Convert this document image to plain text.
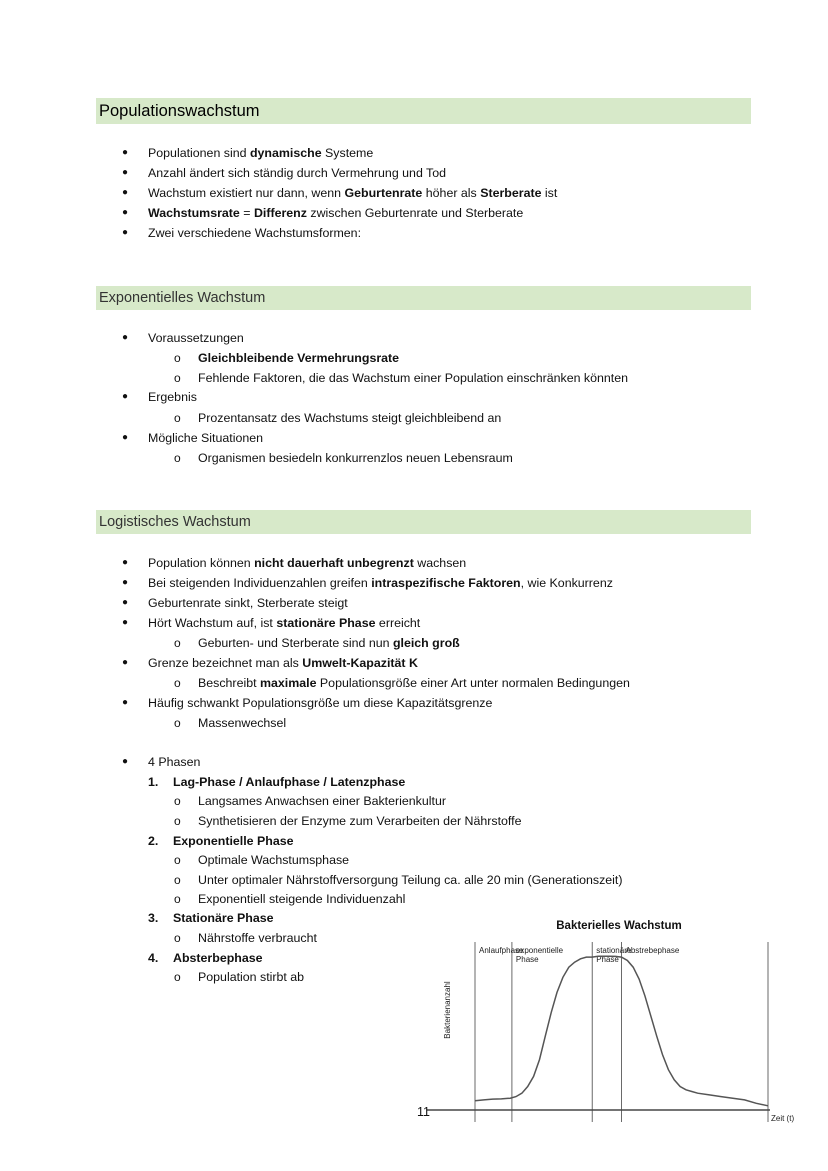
Populationswachstum
Exponentielles Wachstum
Logistisches Wachstum
● Populationen sind dynamische Systeme
● Anzahl ändert sich ständig durch Vermehrung und Tod
● Wachstum existiert nur dann, wenn Geburtenrate höher als Sterberate ist
● Wachstumsrate = Differenz zwischen Geburtenrate und Sterberate
● Zwei verschiedene Wachstumsformen:
● Voraussetzungen
o Gleichbleibende Vermehrungsrate
o Fehlende Faktoren, die das Wachstum einer Population einschränken könnten
● Ergebnis
o Prozentansatz des Wachstums steigt gleichbleibend an
● Mögliche Situationen
o Organismen besiedeln konkurrenzlos neuen Lebensraum
● Population können nicht dauerhaft unbegrenzt wachsen
● Bei steigenden Individuenzahlen greifen intraspezifische Faktoren, wie Konkurrenz
● Geburtenrate sinkt, Sterberate steigt
● Hört Wachstum auf, ist stationäre Phase erreicht
o Geburten- und Sterberate sind nun gleich groß
● Grenze bezeichnet man als Umwelt-Kapazität K
o Beschreibt maximale Populationsgröße einer Art unter normalen Bedingungen
● Häufig schwankt Populationsgröße um diese Kapazitätsgrenze
o Massenwechsel
● 4 Phasen
1. Lag-Phase / Anlaufphase / Latenzphase
o Langsames Anwachsen einer Bakterienkultur
o Synthetisieren der Enzyme zum Verarbeiten der Nährstoffe
2. Exponentielle Phase
o Optimale Wachstumsphase
o Unter optimaler Nährstoffversorgung Teilung ca. alle 20 min (Generationszeit)
o Exponentiell steigende Individuenzahl
3. Stationäre Phase
o Nährstoffe verbraucht
4. Absterbephase
o Population stirbt ab
Bakterielles Wachstum
Bakterienanzahl
Zeit (t)
Anlaufphase
exponentielle
Phase
stationäre
Phase
Abstrebephase
11
